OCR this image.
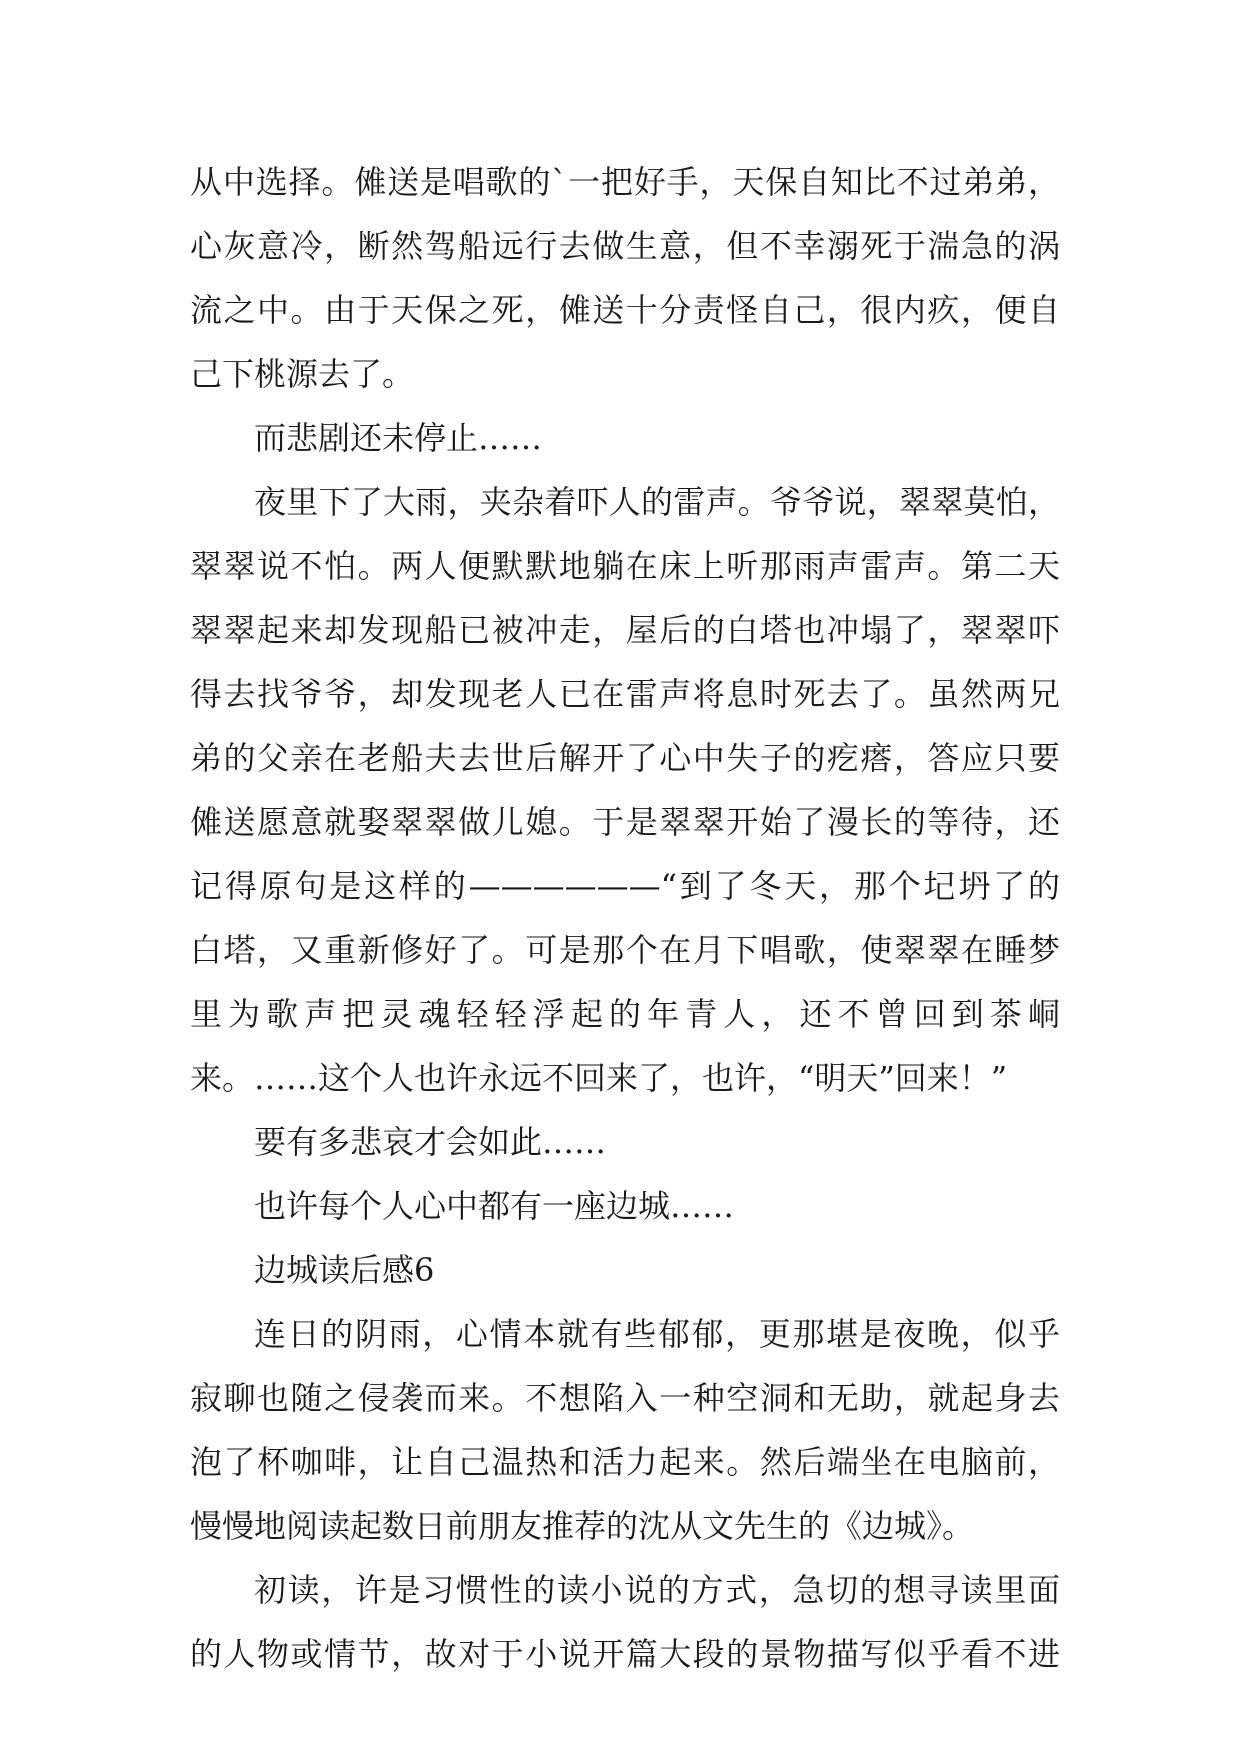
从中选择。傩送是唱歌的`一把好手，天保自知比不过弟弟，
心灰意冷，断然驾船远行去做生意，但不幸溺死于湍急的涡
流之中。由于天保之死，傩送十分责怪自己，很内疚，便自
己下桃源去了。
而悲剧还未停止……
夜里下了大雨，夹杂着吓人的雷声。爷爷说，翠翠莫怕，
翠翠说不怕。两人便默默地躺在床上听那雨声雷声。第二天
翠翠起来却发现船已被冲走，屋后的白塔也冲塌了，翠翠吓
得去找爷爷，却发现老人已在雷声将息时死去了。虽然两兄
弟的父亲在老船夫去世后解开了心中失子的疙瘩，答应只要
傩送愿意就娶翠翠做儿媳。于是翠翠开始了漫长的等待，还
记得原句是这样的——————“到了冬天，那个圮坍了的
白塔，又重新修好了。可是那个在月下唱歌，使翠翠在睡梦
里为歌声把灵魂轻轻浮起的年青人，还不曾回到茶峒
来。……这个人也许永远不回来了，也许，“明天”回来！”
要有多悲哀才会如此……
也许每个人心中都有一座边城……
边城读后感6
连日的阴雨，心情本就有些郁郁，更那堪是夜晚，似乎
寂聊也随之侵袭而来。不想陷入一种空洞和无助，就起身去
泡了杯咖啡，让自己温热和活力起来。然后端坐在电脑前，
慢慢地阅读起数日前朋友推荐的沈从文先生的《边城》。
初读，许是习惯性的读小说的方式，急切的想寻读里面
的人物或情节，故对于小说开篇大段的景物描写似乎看不进
